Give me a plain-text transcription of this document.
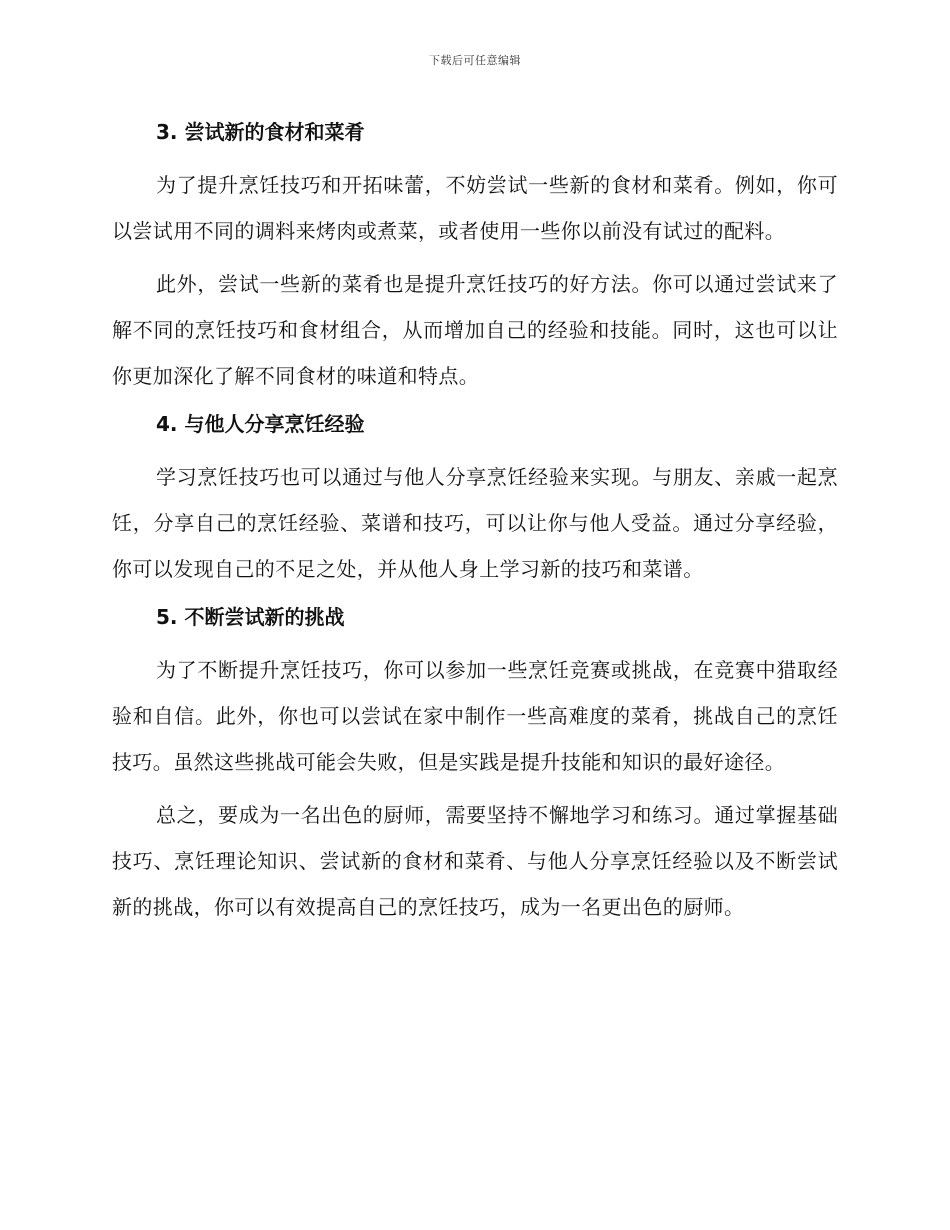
下载后可任意编辑
3. 尝试新的食材和菜肴

为了提升烹饪技巧和开拓味蕾，不妨尝试一些新的食材和菜肴。例如，你可以尝试用不同的调料来烤肉或煮菜，或者使用一些你以前没有试过的配料。

此外，尝试一些新的菜肴也是提升烹饪技巧的好方法。你可以通过尝试来了解不同的烹饪技巧和食材组合，从而增加自己的经验和技能。同时，这也可以让你更加深化了解不同食材的味道和特点。

4. 与他人分享烹饪经验

学习烹饪技巧也可以通过与他人分享烹饪经验来实现。与朋友、亲戚一起烹饪，分享自己的烹饪经验、菜谱和技巧，可以让你与他人受益。通过分享经验，你可以发现自己的不足之处，并从他人身上学习新的技巧和菜谱。

5. 不断尝试新的挑战

为了不断提升烹饪技巧，你可以参加一些烹饪竞赛或挑战，在竞赛中猎取经验和自信。此外，你也可以尝试在家中制作一些高难度的菜肴，挑战自己的烹饪技巧。虽然这些挑战可能会失败，但是实践是提升技能和知识的最好途径。

总之，要成为一名出色的厨师，需要坚持不懈地学习和练习。通过掌握基础技巧、烹饪理论知识、尝试新的食材和菜肴、与他人分享烹饪经验以及不断尝试新的挑战，你可以有效提高自己的烹饪技巧，成为一名更出色的厨师。
